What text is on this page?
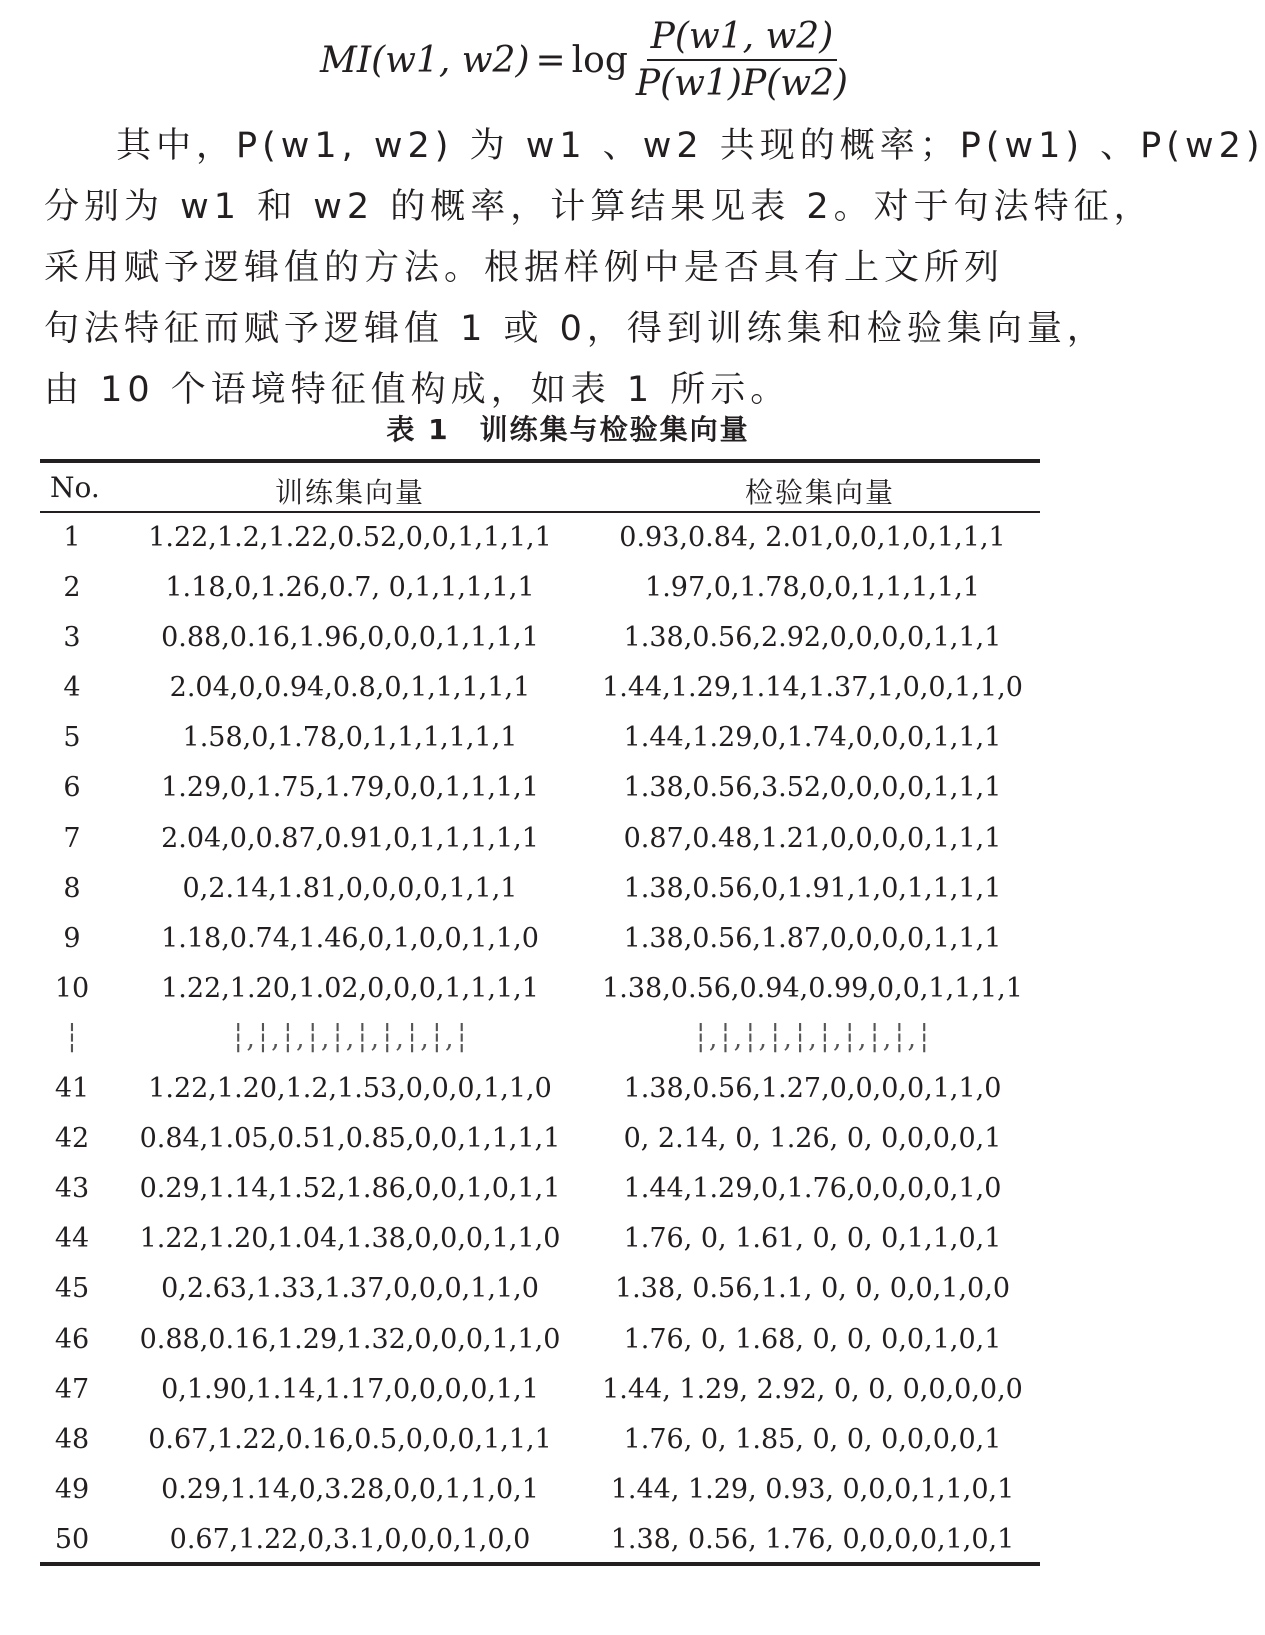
MI(w1, $w2) = \log \frac{P(w1, w2)}{P(w1)P(w2)}$
其中，P(w1, w2) 为 w1 、w2 共现的概率；P(w1) 、P(w2)
分别为 w1 和 w2 的概率，计算结果见表 2。对于句法特征，
采用赋予逻辑值的方法。根据样例中是否具有上文所列
句法特征而赋予逻辑值 1 或 0，得到训练集和检验集向量，
由 10 个语境特征值构成，如表 1 所示。
表 1 训练集与检验集向量
No.	训练集向量	检验集向量
1	1.22,1.2,1.22,0.52,0,0,1,1,1,1	0.93,0.84, 2.01,0,0,1,0,1,1,1
2	1.18,0,1.26,0.7, 0,1,1,1,1,1	1.97,0,1.78,0,0,1,1,1,1,1
3	0.88,0.16,1.96,0,0,0,1,1,1,1	1.38,0.56,2.92,0,0,0,0,1,1,1
4	2.04,0,0.94,0.8,0,1,1,1,1,1	1.44,1.29,1.14,1.37,1,0,0,1,1,0
5	1.58,0,1.78,0,1,1,1,1,1,1	1.44,1.29,0,1.74,0,0,0,1,1,1
6	1.29,0,1.75,1.79,0,0,1,1,1,1	1.38,0.56,3.52,0,0,0,0,1,1,1
7	2.04,0,0.87,0.91,0,1,1,1,1,1	0.87,0.48,1.21,0,0,0,0,1,1,1
8	0,2.14,1.81,0,0,0,0,1,1,1	1.38,0.56,0,1.91,1,0,1,1,1,1
9	1.18,0.74,1.46,0,1,0,0,1,1,0	1.38,0.56,1.87,0,0,0,0,1,1,1
10	1.22,1.20,1.02,0,0,0,1,1,1,1	1.38,0.56,0.94,0.99,0,0,1,1,1,1
┆	┆,┆,┆,┆,┆,┆,┆,┆,┆,┆	┆,┆,┆,┆,┆,┆,┆,┆,┆,┆
41	1.22,1.20,1.2,1.53,0,0,0,1,1,0	1.38,0.56,1.27,0,0,0,0,1,1,0
42	0.84,1.05,0.51,0.85,0,0,1,1,1,1	0, 2.14, 0, 1.26, 0, 0,0,0,0,1
43	0.29,1.14,1.52,1.86,0,0,1,0,1,1	1.44,1.29,0,1.76,0,0,0,0,1,0
44	1.22,1.20,1.04,1.38,0,0,0,1,1,0	1.76, 0, 1.61, 0, 0, 0,1,1,0,1
45	0,2.63,1.33,1.37,0,0,0,1,1,0	1.38, 0.56,1.1, 0, 0, 0,0,1,0,0
46	0.88,0.16,1.29,1.32,0,0,0,1,1,0	1.76, 0, 1.68, 0, 0, 0,0,1,0,1
47	0,1.90,1.14,1.17,0,0,0,0,1,1	1.44, 1.29, 2.92, 0, 0, 0,0,0,0,0
48	0.67,1.22,0.16,0.5,0,0,0,1,1,1	1.76, 0, 1.85, 0, 0, 0,0,0,0,1
49	0.29,1.14,0,3.28,0,0,1,1,0,1	1.44, 1.29, 0.93, 0,0,0,1,1,0,1
50	0.67,1.22,0,3.1,0,0,0,1,0,0	1.38, 0.56, 1.76, 0,0,0,0,1,0,1
